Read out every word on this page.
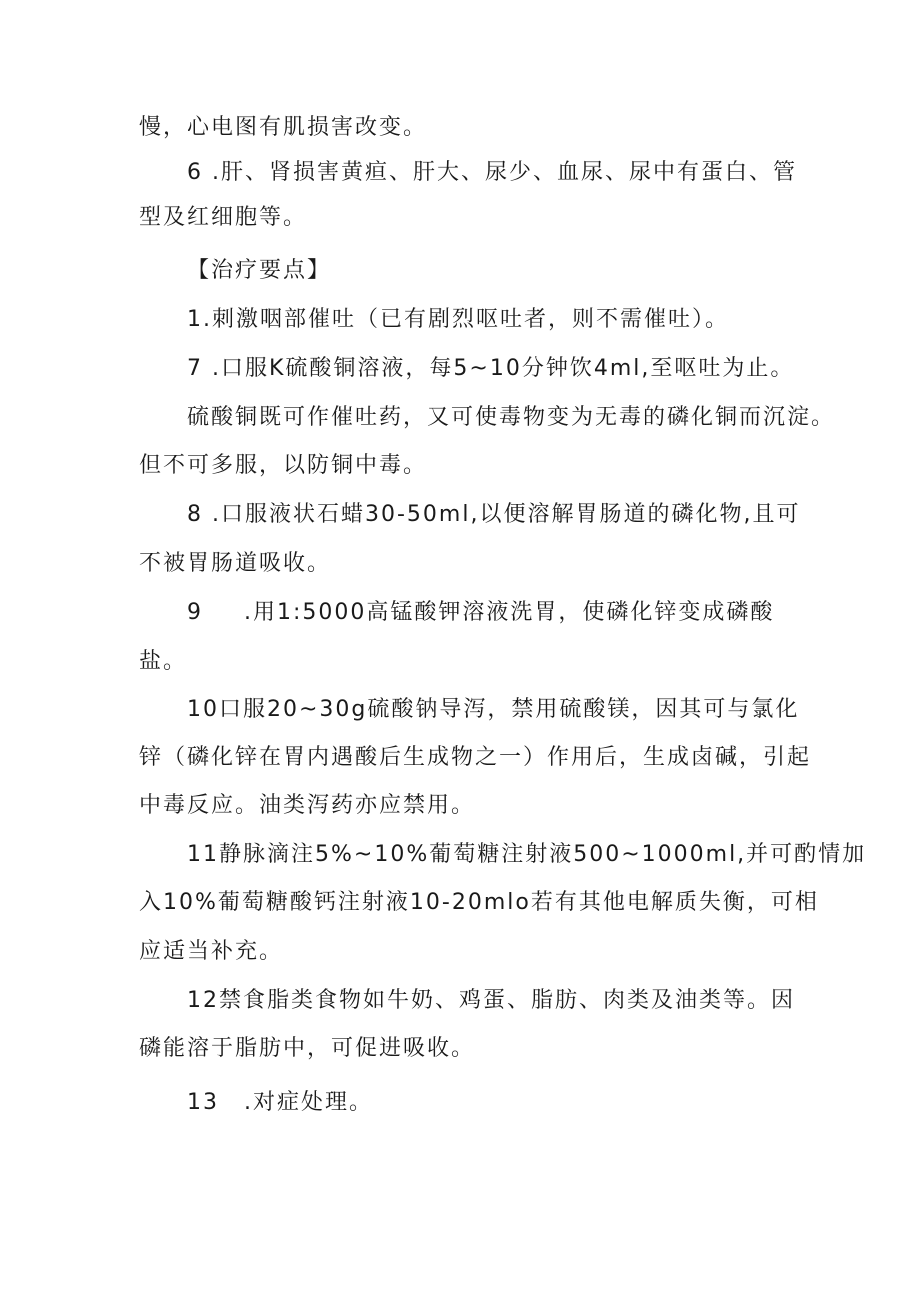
慢，心电图有肌损害改变。
6 .肝、肾损害黄疸、肝大、尿少、血尿、尿中有蛋白、管
型及红细胞等。
【治疗要点】
1.刺激咽部催吐（已有剧烈呕吐者，则不需催吐）。
7 .口服K硫酸铜溶液，每5~10分钟饮4ml,至呕吐为止。
硫酸铜既可作催吐药，又可使毒物变为无毒的磷化铜而沉淀。
但不可多服，以防铜中毒。
8 .口服液状石蜡30-50ml,以便溶解胃肠道的磷化物,且可
不被胃肠道吸收。
9 .用1:5000高锰酸钾溶液洗胃，使磷化锌变成磷酸
盐。
10口服20~30g硫酸钠导泻，禁用硫酸镁，因其可与氯化
锌（磷化锌在胃内遇酸后生成物之一）作用后，生成卤碱，引起
中毒反应。油类泻药亦应禁用。
11静脉滴注5%~10%葡萄糖注射液500~1000ml,并可酌情加
入10%葡萄糖酸钙注射液10-20mlo若有其他电解质失衡，可相
应适当补充。
12禁食脂类食物如牛奶、鸡蛋、脂肪、肉类及油类等。因
磷能溶于脂肪中，可促进吸收。
13 .对症处理。
